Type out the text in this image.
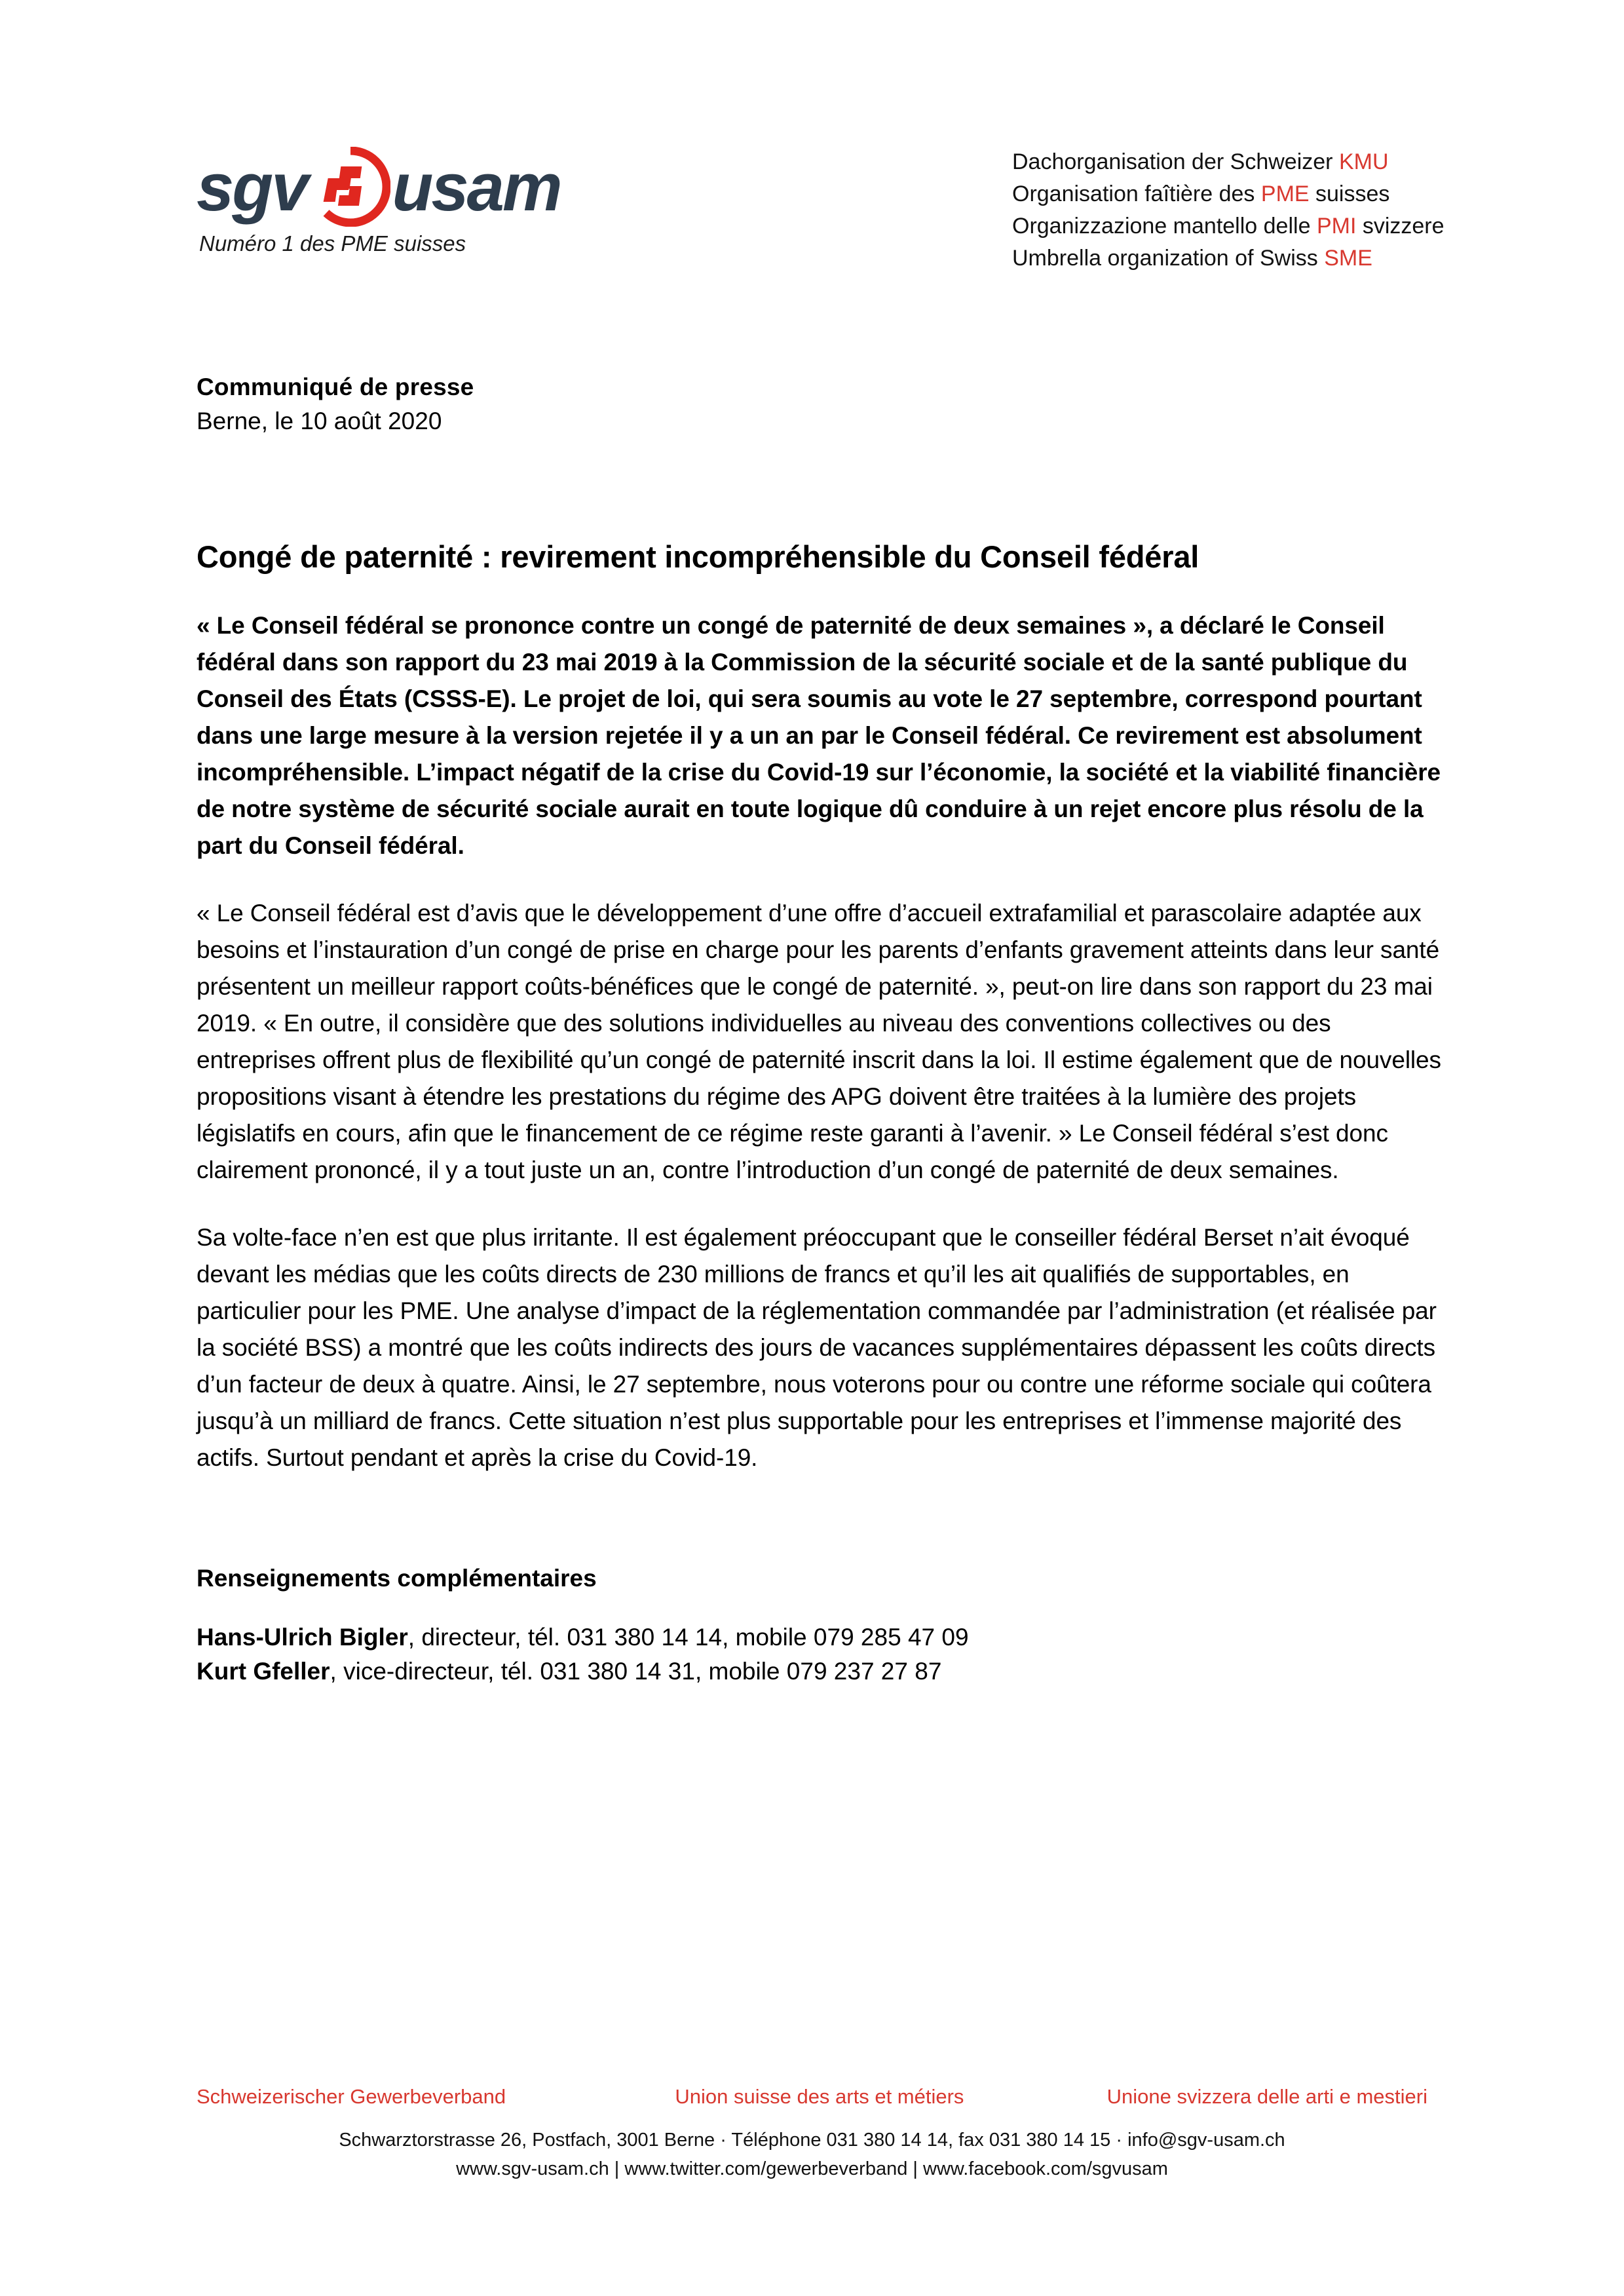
sgv usam
Numéro 1 des PME suisses
Dachorganisation der Schweizer KMU
Organisation faîtière des PME suisses
Organizzazione mantello delle PMI svizzere
Umbrella organization of Swiss SME
Communiqué de presse
Berne, le 10 août 2020
Congé de paternité : revirement incompréhensible du Conseil fédéral

« Le Conseil fédéral se prononce contre un congé de paternité de deux semaines », a déclaré le Conseil fédéral dans son rapport du 23 mai 2019 à la Commission de la sécurité sociale et de la santé publique du Conseil des États (CSSS-E). Le projet de loi, qui sera soumis au vote le 27 septembre, correspond pourtant dans une large mesure à la version rejetée il y a un an par le Conseil fédéral. Ce revirement est absolument incompréhensible. L’impact négatif de la crise du Covid-19 sur l’économie, la société et la viabilité financière de notre système de sécurité sociale aurait en toute logique dû conduire à un rejet encore plus résolu de la part du Conseil fédéral.

« Le Conseil fédéral est d’avis que le développement d’une offre d’accueil extrafamilial et parascolaire adaptée aux besoins et l’instauration d’un congé de prise en charge pour les parents d’enfants gravement atteints dans leur santé présentent un meilleur rapport coûts-bénéfices que le congé de paternité. », peut-on lire dans son rapport du 23 mai 2019. « En outre, il considère que des solutions individuelles au niveau des conventions collectives ou des entreprises offrent plus de flexibilité qu’un congé de paternité inscrit dans la loi. Il estime également que de nouvelles propositions visant à étendre les prestations du régime des APG doivent être traitées à la lumière des projets législatifs en cours, afin que le financement de ce régime reste garanti à l’avenir. » Le Conseil fédéral s’est donc clairement prononcé, il y a tout juste un an, contre l’introduction d’un congé de paternité de deux semaines.

Sa volte-face n’en est que plus irritante. Il est également préoccupant que le conseiller fédéral Berset n’ait évoqué devant les médias que les coûts directs de 230 millions de francs et qu’il les ait qualifiés de supportables, en particulier pour les PME. Une analyse d’impact de la réglementation commandée par l’administration (et réalisée par la société BSS) a montré que les coûts indirects des jours de vacances supplémentaires dépassent les coûts directs d’un facteur de deux à quatre. Ainsi, le 27 septembre, nous voterons pour ou contre une réforme sociale qui coûtera jusqu’à un milliard de francs. Cette situation n’est plus supportable pour les entreprises et l’immense majorité des actifs. Surtout pendant et après la crise du Covid-19.

Renseignements complémentaires
Hans-Ulrich Bigler, directeur, tél. 031 380 14 14, mobile 079 285 47 09
Kurt Gfeller, vice-directeur, tél. 031 380 14 31, mobile 079 237 27 87
Schweizerischer Gewerbeverband	Union suisse des arts et métiers	Unione svizzera delle arti e mestieri
Schwarztorstrasse 26, Postfach, 3001 Berne · Téléphone 031 380 14 14, fax 031 380 14 15 · info@sgv-usam.ch
www.sgv-usam.ch | www.twitter.com/gewerbeverband | www.facebook.com/sgvusam
